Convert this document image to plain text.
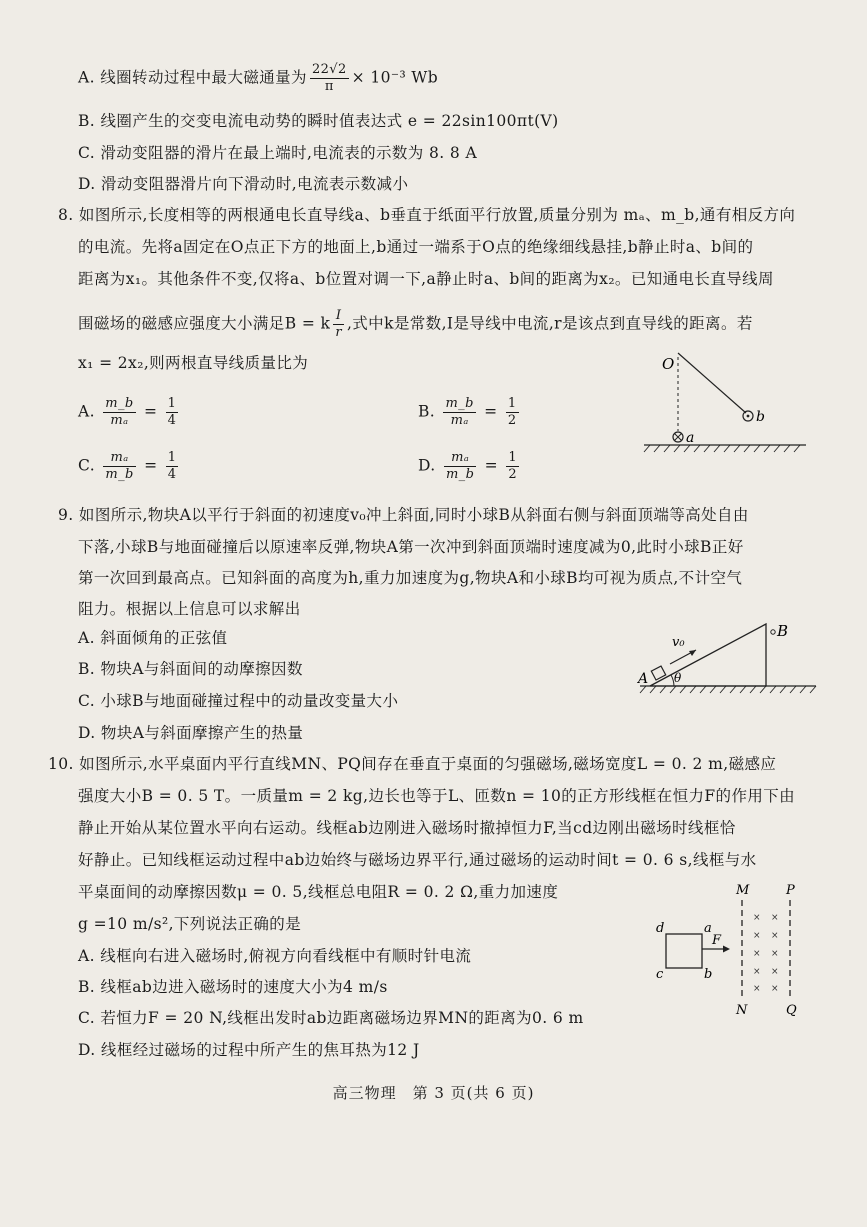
A. 线圈转动过程中最大磁通量为 $\frac{22√2}{\pi} \times 10^{-3}$ Wb
B. 线圈产生的交变电流电动势的瞬时值表达式 e = 22sin100πt(V)
C. 滑动变阻器的滑片在最上端时,电流表的示数为 8. 8 A
D. 滑动变阻器滑片向下滑动时,电流表示数减小
8. 如图所示,长度相等的两根通电长直导线a、b垂直于纸面平行放置,质量分别为 mₐ、m_b,通有相反方向
的电流。先将a固定在O点正下方的地面上,b通过一端系于O点的绝缘细线悬挂,b静止时a、b间的
距离为x₁。其他条件不变,仅将a、b位置对调一下,a静止时a、b间的距离为x₂。已知通电长直导线周
围磁场的磁感应强度大小满足B = k $\frac{I}{r}$ ,式中k是常数,I是导线中电流,r是该点到直导线的距离。若
x₁ = 2x₂,则两根直导线质量比为
A. $\frac{m\_b}{\text{mₐ}} = \frac{1}{4}$	B. $\frac{m\_b}{\text{mₐ}} = \frac{1}{2}$
C. $\frac{\text{mₐ}}{m\_b} = \frac{1}{4}$	D. $\frac{\text{mₐ}}{m\_b} = \frac{1}{2}$
O
a
b
9. 如图所示,物块A以平行于斜面的初速度v₀冲上斜面,同时小球B从斜面右侧与斜面顶端等高处自由
下落,小球B与地面碰撞后以原速率反弹,物块A第一次冲到斜面顶端时速度减为0,此时小球B正好
第一次回到最高点。已知斜面的高度为h,重力加速度为g,物块A和小球B均可视为质点,不计空气
阻力。根据以上信息可以求解出
A. 斜面倾角的正弦值
B. 物块A与斜面间的动摩擦因数
C. 小球B与地面碰撞过程中的动量改变量大小
D. 物块A与斜面摩擦产生的热量
B
A θ
v₀
10. 如图所示,水平桌面内平行直线MN、PQ间存在垂直于桌面的匀强磁场,磁场宽度L = 0. 2 m,磁感应
强度大小B = 0. 5 T。一质量m = 2 kg,边长也等于L、匝数n = 10的正方形线框在恒力F的作用下由
静止开始从某位置水平向右运动。线框ab边刚进入磁场时撤掉恒力F,当cd边刚出磁场时线框恰
好静止。已知线框运动过程中ab边始终与磁场边界平行,通过磁场的运动时间t = 0. 6 s,线框与水
平桌面间的动摩擦因数μ = 0. 5,线框总电阻R = 0. 2 Ω,重力加速度
g =10 m/s²,下列说法正确的是
A. 线框向右进入磁场时,俯视方向看线框中有顺时针电流
B. 线框ab边进入磁场时的速度大小为4 m/s
C. 若恒力F = 20 N,线框出发时ab边距离磁场边界MN的距离为0. 6 m
D. 线框经过磁场的过程中所产生的焦耳热为12 J
M	P
× ×
× ×
× ×
× ×
× ×
d	a
c	b
F
N	Q
高三物理　第 3 页(共 6 页)
